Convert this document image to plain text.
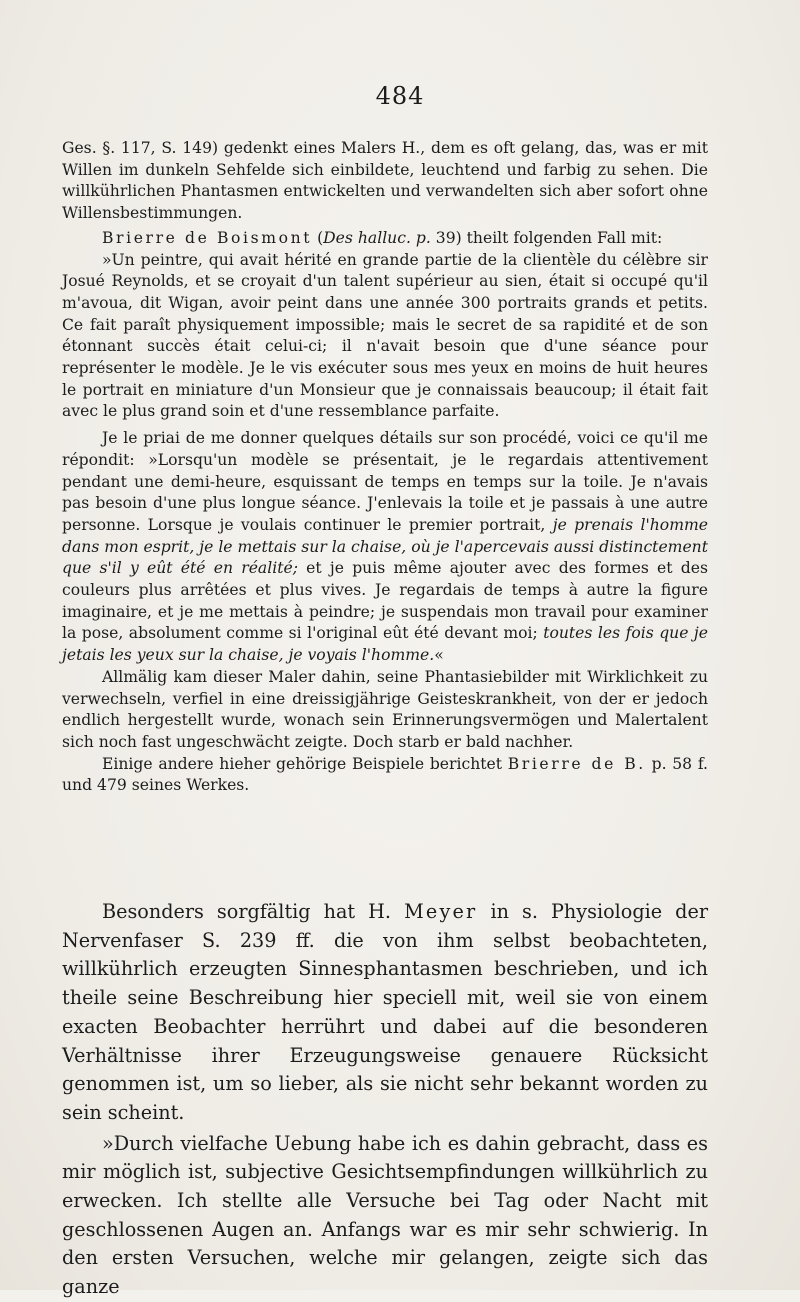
484

Ges. §. 117, S. 149) gedenkt eines Malers H., dem es oft gelang, das, was er mit Willen im dunkeln Sehfelde sich einbildete, leuchtend und farbig zu sehen. Die willkührlichen Phantasmen entwickelten und verwandelten sich aber sofort ohne Willensbestimmungen.

Brierre de Boismont (Des halluc. p. 39) theilt folgenden Fall mit:

»Un peintre, qui avait hérité en grande partie de la clientèle du célèbre sir Josué Reynolds, et se croyait d'un talent supérieur au sien, était si occupé qu'il m'avoua, dit Wigan, avoir peint dans une année 300 portraits grands et petits. Ce fait paraît physiquement impossible; mais le secret de sa rapidité et de son étonnant succès était celui-ci; il n'avait besoin que d'une séance pour représenter le modèle. Je le vis exécuter sous mes yeux en moins de huit heures le portrait en miniature d'un Monsieur que je connaissais beaucoup; il était fait avec le plus grand soin et d'une ressemblance parfaite.

Je le priai de me donner quelques détails sur son procédé, voici ce qu'il me répondit: »Lorsqu'un modèle se présentait, je le regardais attentivement pendant une demi-heure, esquissant de temps en temps sur la toile. Je n'avais pas besoin d'une plus longue séance. J'enlevais la toile et je passais à une autre personne. Lorsque je voulais continuer le premier portrait, je prenais l'homme dans mon esprit, je le mettais sur la chaise, où je l'apercevais aussi distinctement que s'il y eût été en réalité; et je puis même ajouter avec des formes et des couleurs plus arrêtées et plus vives. Je regardais de temps à autre la figure imaginaire, et je me mettais à peindre; je suspendais mon travail pour examiner la pose, absolument comme si l'original eût été devant moi; toutes les fois que je jetais les yeux sur la chaise, je voyais l'homme.«

Allmälig kam dieser Maler dahin, seine Phantasiebilder mit Wirklichkeit zu verwechseln, verfiel in eine dreissigjährige Geisteskrankheit, von der er jedoch endlich hergestellt wurde, wonach sein Erinnerungsvermögen und Malertalent sich noch fast ungeschwächt zeigte. Doch starb er bald nachher.

Einige andere hieher gehörige Beispiele berichtet Brierre de B. p. 58 f. und 479 seines Werkes.

Besonders sorgfältig hat H. Meyer in s. Physiologie der Nervenfaser S. 239 ff. die von ihm selbst beobachteten, willkührlich erzeugten Sinnesphantasmen beschrieben, und ich theile seine Beschreibung hier speciell mit, weil sie von einem exacten Beobachter herrührt und dabei auf die besonderen Verhältnisse ihrer Erzeugungsweise genauere Rücksicht genommen ist, um so lieber, als sie nicht sehr bekannt worden zu sein scheint.

»Durch vielfache Uebung habe ich es dahin gebracht, dass es mir möglich ist, subjective Gesichtsempfindungen willkührlich zu erwecken. Ich stellte alle Versuche bei Tag oder Nacht mit geschlossenen Augen an. Anfangs war es mir sehr schwierig. In den ersten Versuchen, welche mir gelangen, zeigte sich das ganze
